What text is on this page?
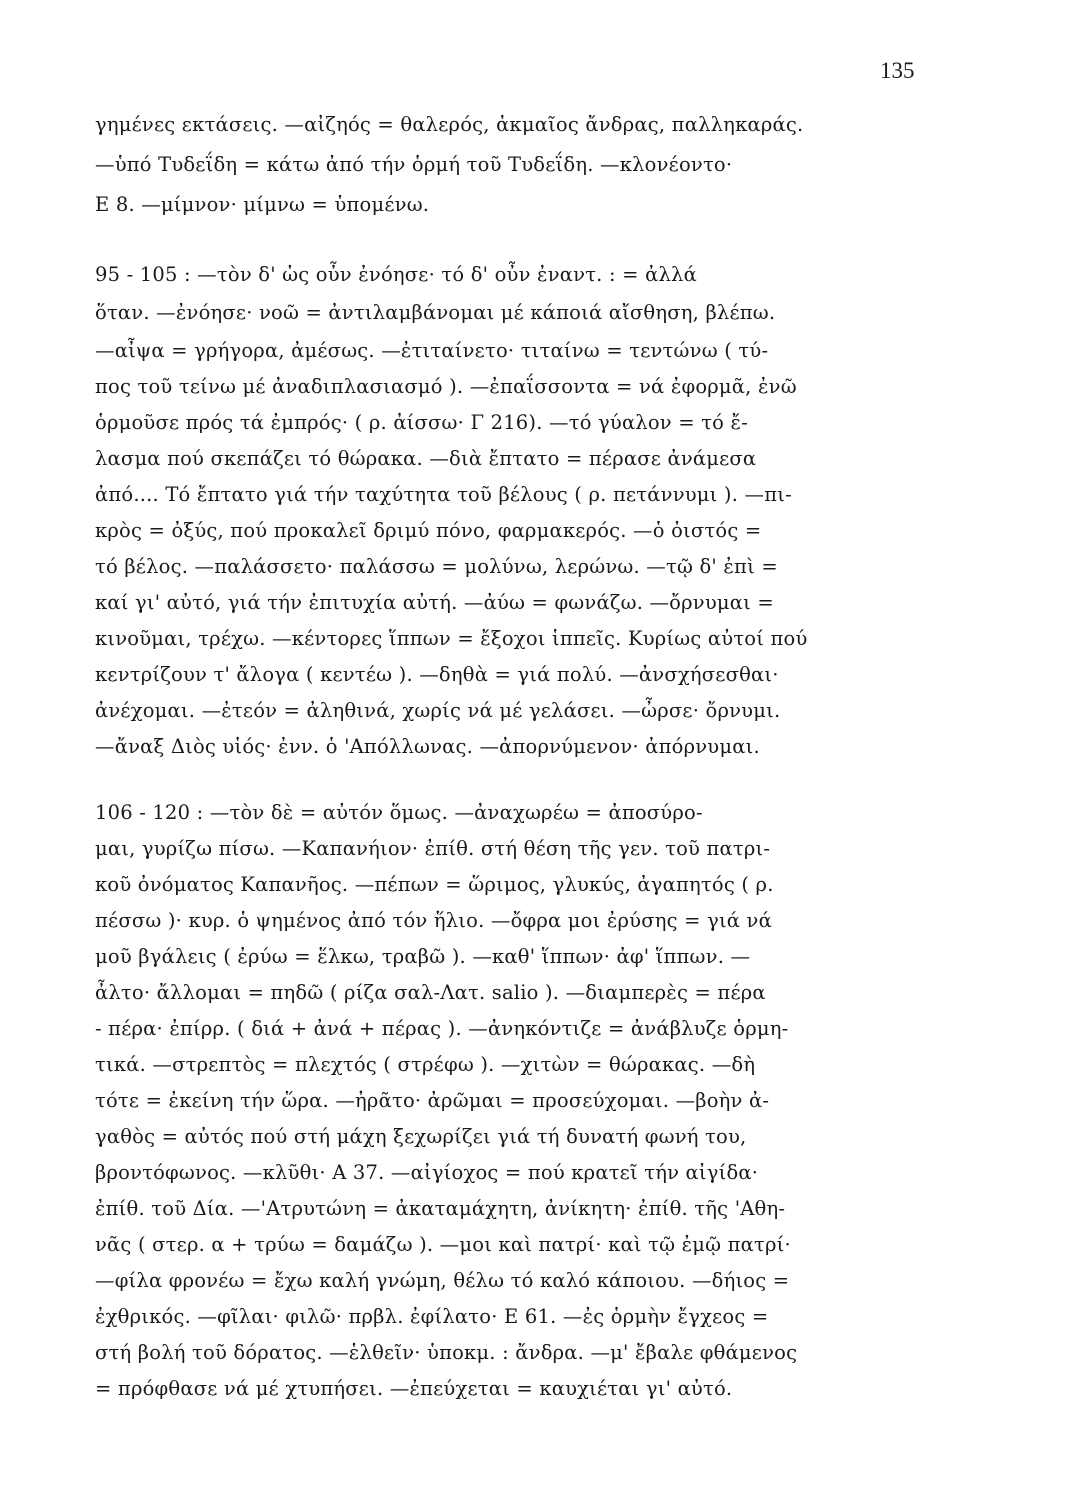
135
γημένες εκτάσεις. —αἰζηός = θαλερός, ἀκμαῖος ἄνδρας, παλληκαράς.
—ὑπό Τυδεΐδη = κάτω ἀπό τήν ὁρμή τοῦ Τυδεΐδη. —κλονέοντο·
Ε 8. —μίμνον· μίμνω = ὑπομένω.
95 - 105 : —τὸν δ' ὡς οὖν ἐνόησε· τό δ' οὖν ἐναντ. : = ἀλλά
ὅταν. —ἐνόησε· νοῶ = ἀντιλαμβάνομαι μέ κάποιά αἴσθηση, βλέπω.
—αἶψα = γρήγορα, ἀμέσως. —ἐτιταίνετο· τιταίνω = τεντώνω ( τύ-
πος τοῦ τείνω μέ ἀναδιπλασιασμό ). —ἐπαΐσσοντα = νά ἐφορμᾶ, ἐνῶ
ὁρμοῦσε πρός τά ἐμπρός· ( ρ. ἀίσσω· Γ 216). —τό γύαλον = τό ἔ-
λασμα πού σκεπάζει τό θώρακα. —διὰ ἔπτατο = πέρασε ἀνάμεσα
ἀπό.... Τό ἔπτατο γιά τήν ταχύτητα τοῦ βέλους ( ρ. πετάννυμι ). —πι-
κρὸς = ὀξύς, πού προκαλεῖ δριμύ πόνο, φαρμακερός. —ὁ ὀιστός =
τό βέλος. —παλάσσετο· παλάσσω = μολύνω, λερώνω. —τῷ δ' ἐπὶ =
καί γι' αὐτό, γιά τήν ἐπιτυχία αὐτή. —ἀύω = φωνάζω. —ὄρνυμαι =
κινοῦμαι, τρέχω. —κέντορες ἵππων = ἔξοχοι ἱππεῖς. Κυρίως αὐτοί πού
κεντρίζουν τ' ἄλογα ( κεντέω ). —δηθὰ = γιά πολύ. —ἀνσχήσεσθαι·
ἀνέχομαι. —ἐτεόν = ἀληθινά, χωρίς νά μέ γελάσει. —ὦρσε· ὄρνυμι.
—ἄναξ Διὸς υἱός· ἐνν. ὁ 'Απόλλωνας. —ἀπορνύμενον· ἀπόρνυμαι.
106 - 120 : —τὸν δὲ = αὐτόν ὅμως. —ἀναχωρέω = ἀποσύρο-
μαι, γυρίζω πίσω. —Καπανήιον· ἐπίθ. στή θέση τῆς γεν. τοῦ πατρι-
κοῦ ὀνόματος Καπανῆος. —πέπων = ὥριμος, γλυκύς, ἀγαπητός ( ρ.
πέσσω )· κυρ. ὁ ψημένος ἀπό τόν ἥλιο. —ὄφρα μοι ἐρύσης = γιά νά
μοῦ βγάλεις ( ἐρύω = ἕλκω, τραβῶ ). —καθ' ἵππων· ἀφ' ἵππων. —
ἆλτο· ἄλλομαι = πηδῶ ( ρίζα σαλ-Λατ. salio ). —διαμπερὲς = πέρα
- πέρα· ἐπίρρ. ( διά + ἀνά + πέρας ). —ἀνηκόντιζε = ἀνάβλυζε ὁρμη-
τικά. —στρεπτὸς = πλεχτός ( στρέφω ). —χιτὼν = θώρακας. —δὴ
τότε = ἐκείνη τήν ὥρα. —ἠρᾶτο· ἀρῶμαι = προσεύχομαι. —βοὴν ἀ-
γαθὸς = αὐτός πού στή μάχη ξεχωρίζει γιά τή δυνατή φωνή του,
βροντόφωνος. —κλῦθι· Α 37. —αἰγίοχος = πού κρατεῖ τήν αἰγίδα·
ἐπίθ. τοῦ Δία. —'Ατρυτώνη = ἀκαταμάχητη, ἀνίκητη· ἐπίθ. τῆς 'Αθη-
νᾶς ( στερ. α + τρύω = δαμάζω ). —μοι καὶ πατρί· καὶ τῷ ἐμῷ πατρί·
—φίλα φρονέω = ἔχω καλή γνώμη, θέλω τό καλό κάποιου. —δήιος =
ἐχθρικός. —φῖλαι· φιλῶ· πρβλ. ἐφίλατο· Ε 61. —ἐς ὁρμὴν ἔγχεος =
στή βολή τοῦ δόρατος. —ἑλθεῖν· ὑποκμ. : ἄνδρα. —μ' ἔβαλε φθάμενος
= πρόφθασε νά μέ χτυπήσει. —ἐπεύχεται = καυχιέται γι' αὐτό.
